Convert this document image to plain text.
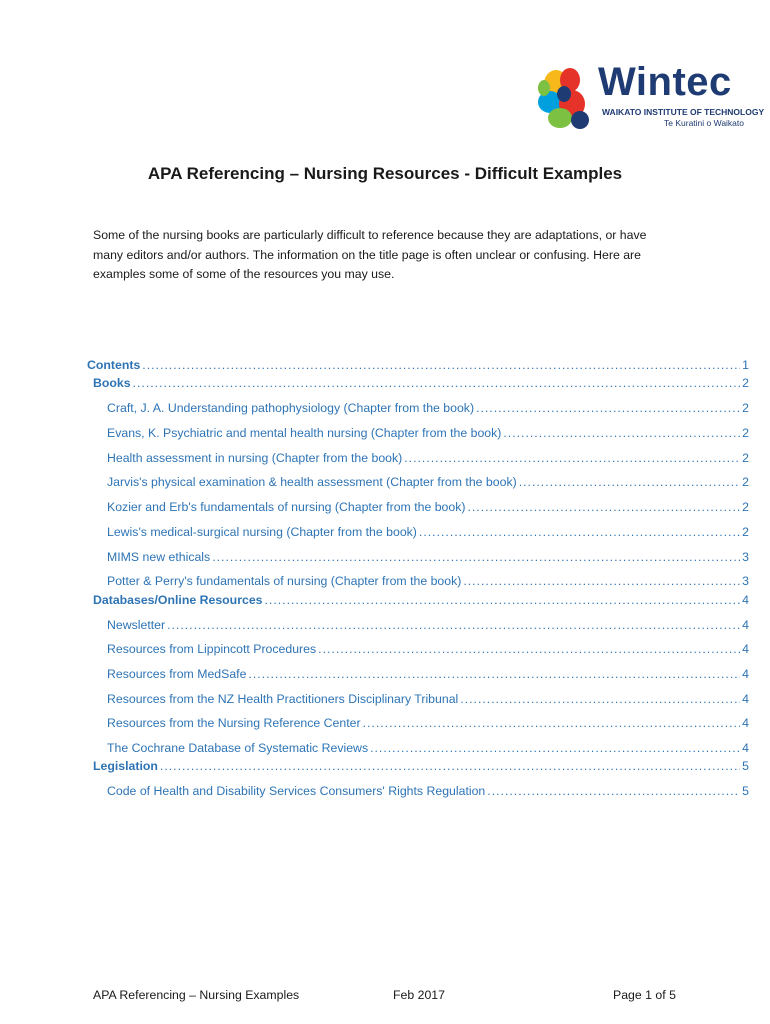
Wintec
WAIKATO INSTITUTE OF TECHNOLOGY
Te Kuratini o Waikato
APA Referencing – Nursing Resources - Difficult Examples
Some of the nursing books are particularly difficult to reference because they are adaptations, or have many editors and/or authors. The information on the title page is often unclear or confusing. Here are examples some of some of the resources you may use.
Contents .....	1
Books .....	2
Craft, J. A. Understanding pathophysiology (Chapter from the book) .....	2
Evans, K. Psychiatric and mental health nursing (Chapter from the book) .....	2
Health assessment in nursing (Chapter from the book) .....	2
Jarvis's physical examination & health assessment (Chapter from the book) .....	2
Kozier and Erb's fundamentals of nursing (Chapter from the book) .....	2
Lewis's medical-surgical nursing (Chapter from the book) .....	2
MIMS new ethicals .....	3
Potter & Perry's fundamentals of nursing (Chapter from the book) .....	3
Databases/Online Resources .....	4
Newsletter .....	4
Resources from Lippincott Procedures .....	4
Resources from MedSafe .....	4
Resources from the NZ Health Practitioners Disciplinary Tribunal .....	4
Resources from the Nursing Reference Center .....	4
The Cochrane Database of Systematic Reviews .....	4
Legislation .....	5
Code of Health and Disability Services Consumers' Rights Regulation .....	5
APA Referencing – Nursing Examples	Feb 2017	Page 1 of 5
